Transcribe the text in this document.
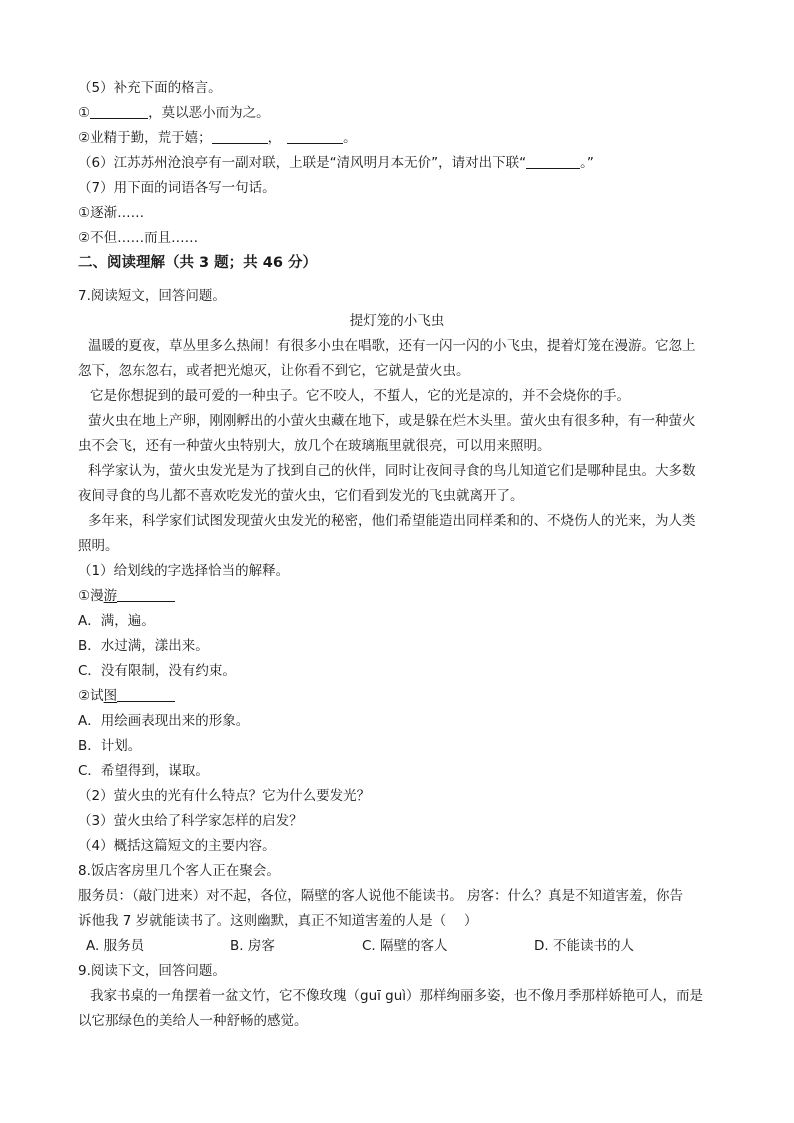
（5）补充下面的格言。
①	，莫以恶小而为之。
②业精于勤，荒于嬉；	，	。
（6）江苏苏州沧浪亭有一副对联，上联是“清风明月本无价”，请对出下联“	。”
（7）用下面的词语各写一句话。
①逐渐……
②不但……而且……
二、阅读理解（共 3 题；共 46 分）
7.阅读短文，回答问题。
提灯笼的小飞虫
温暖的夏夜，草丛里多么热闹！有很多小虫在唱歌，还有一闪一闪的小飞虫，提着灯笼在漫游。它忽上
忽下，忽东忽右，或者把光熄灭，让你看不到它，它就是萤火虫。
它是你想捉到的最可爱的一种虫子。它不咬人，不蜇人，它的光是凉的，并不会烧你的手。
萤火虫在地上产卵，刚刚孵出的小萤火虫藏在地下，或是躲在烂木头里。萤火虫有很多种，有一种萤火
虫不会飞，还有一种萤火虫特别大，放几个在玻璃瓶里就很亮，可以用来照明。
科学家认为，萤火虫发光是为了找到自己的伙伴，同时让夜间寻食的鸟儿知道它们是哪种昆虫。大多数
夜间寻食的鸟儿都不喜欢吃发光的萤火虫，它们看到发光的飞虫就离开了。
多年来，科学家们试图发现萤火虫发光的秘密，他们希望能造出同样柔和的、不烧伤人的光来，为人类
照明。
（1）给划线的字选择恰当的解释。
①漫游
A．满，遍。
B．水过满，漾出来。
C．没有限制，没有约束。
②试图
A．用绘画表现出来的形象。
B．计划。
C．希望得到，谋取。
（2）萤火虫的光有什么特点？它为什么要发光？
（3）萤火虫给了科学家怎样的启发？
（4）概括这篇短文的主要内容。
8.饭店客房里几个客人正在聚会。
服务员：（敲门进来）对不起，各位，隔壁的客人说他不能读书。 房客：什么？真是不知道害羞，你告
诉他我 7 岁就能读书了。这则幽默，真正不知道害羞的人是（　 ）
A. 服务员	B. 房客	C. 隔壁的客人	D. 不能读书的人
9.阅读下文，回答问题。
我家书桌的一角摆着一盆文竹，它不像玫瑰（guī guì）那样绚丽多姿，也不像月季那样娇艳可人，而是
以它那绿色的美给人一种舒畅的感觉。
